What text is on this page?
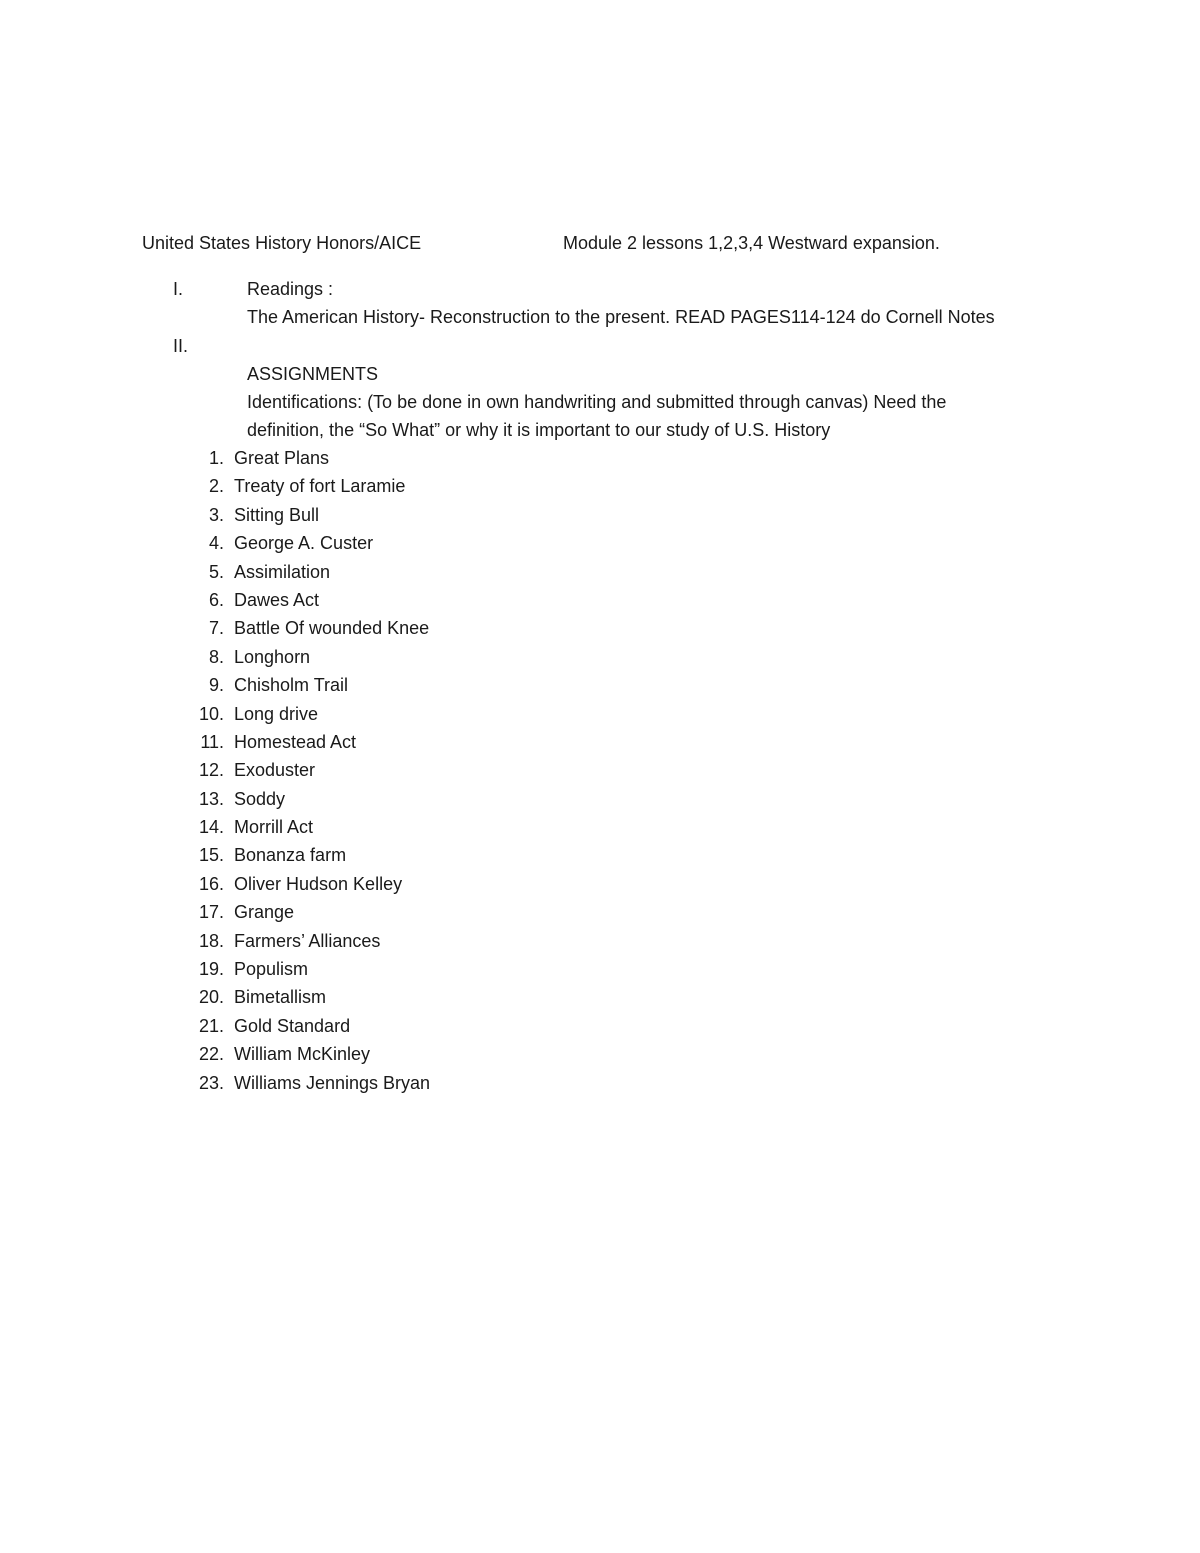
United States History Honors/AICE	Module 2 lessons 1,2,3,4 Westward expansion.
I.	Readings :
The American History- Reconstruction to the present. READ PAGES114-124 do Cornell Notes
II.
ASSIGNMENTS
Identifications: (To be done in own handwriting and submitted through canvas) Need the
definition, the “So What” or why it is important to our study of U.S. History
1. Great Plans
2. Treaty of fort Laramie
3. Sitting Bull
4. George A. Custer
5. Assimilation
6. Dawes Act
7. Battle Of wounded Knee
8. Longhorn
9. Chisholm Trail
10. Long drive
11. Homestead Act
12. Exoduster
13. Soddy
14. Morrill Act
15. Bonanza farm
16. Oliver Hudson Kelley
17. Grange
18. Farmers’ Alliances
19. Populism
20. Bimetallism
21. Gold Standard
22. William McKinley
23. Williams Jennings Bryan
